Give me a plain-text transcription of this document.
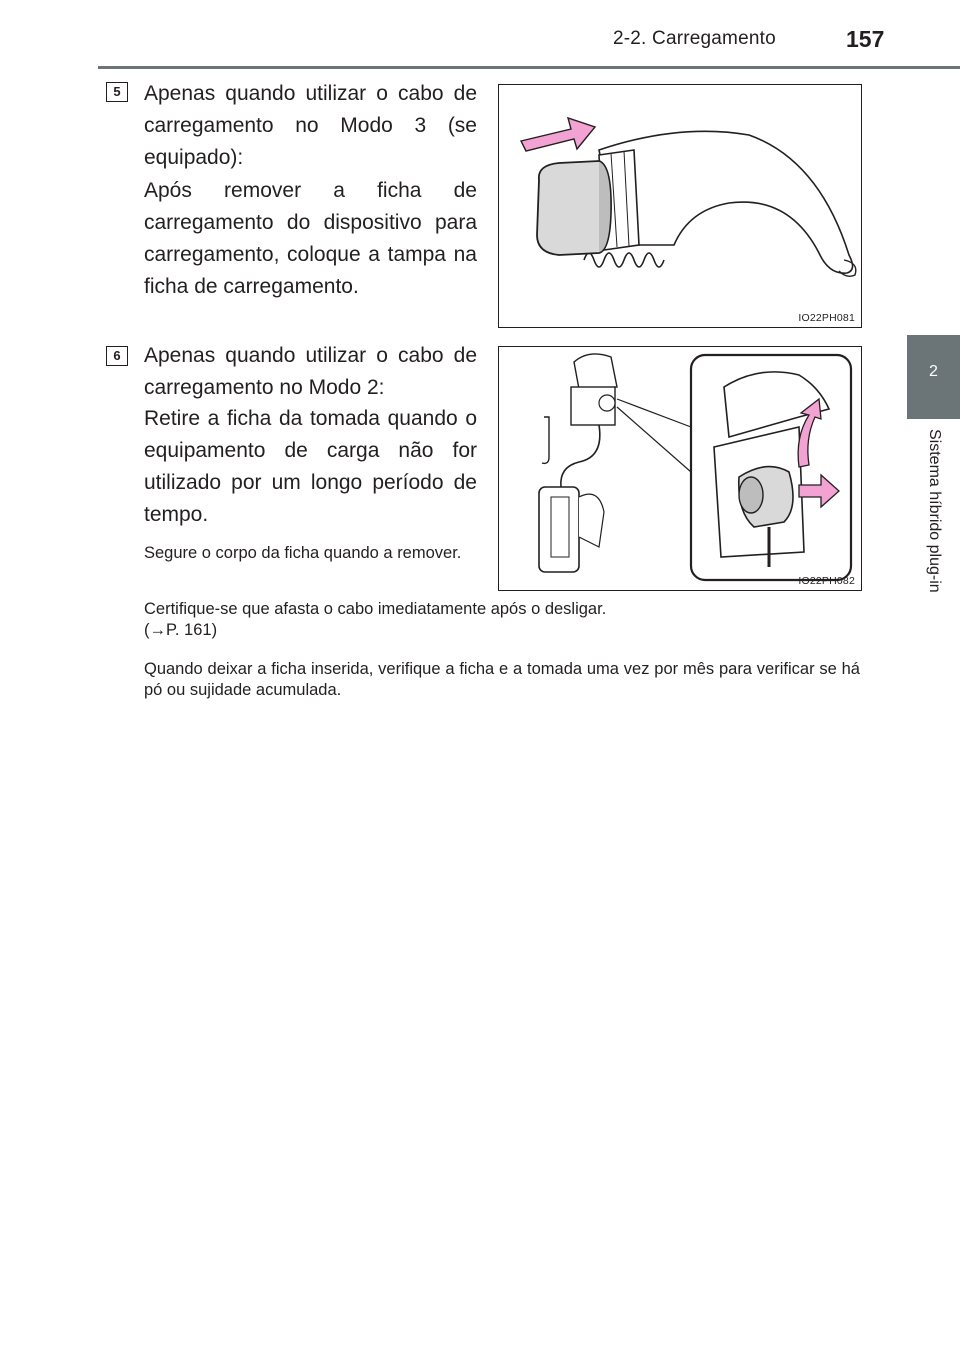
2-2. Carregamento	157
2
Sistema híbrido plug-in
5	Apenas quando utilizar o cabo de carregamento no Modo 3 (se equipado):
Após remover a ficha de carregamento do dispositivo para carregamento, coloque a tampa na ficha de carregamento.
IO22PH081
6	Apenas quando utilizar o cabo de carregamento no Modo 2:
Retire a ficha da tomada quando o equipamento de carga não for utilizado por um longo período de tempo.
Segure o corpo da ficha quando a remover.
IO22PH082
Certifique-se que afasta o cabo imediatamente após o desligar.
(→P. 161)
Quando deixar a ficha inserida, verifique a ficha e a tomada uma vez por mês para verificar se há pó ou sujidade acumulada.
